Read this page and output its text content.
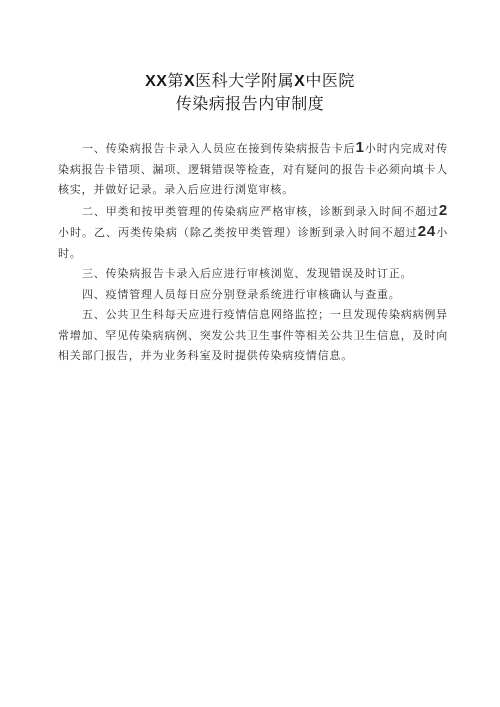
XX第X医科大学附属X中医院
传染病报告内审制度

一、传染病报告卡录入人员应在接到传染病报告卡后1小时内完成对传染病报告卡错项、漏项、逻辑错误等检查，对有疑问的报告卡必须向填卡人核实，并做好记录。录入后应进行浏览审核。

二、甲类和按甲类管理的传染病应严格审核，诊断到录入时间不超过2小时。乙、丙类传染病（除乙类按甲类管理）诊断到录入时间不超过24小时。

三、传染病报告卡录入后应进行审核浏览、发现错误及时订正。

四、疫情管理人员每日应分别登录系统进行审核确认与查重。

五、公共卫生科每天应进行疫情信息网络监控；一旦发现传染病病例异常增加、罕见传染病病例、突发公共卫生事件等相关公共卫生信息，及时向相关部门报告，并为业务科室及时提供传染病疫情信息。
